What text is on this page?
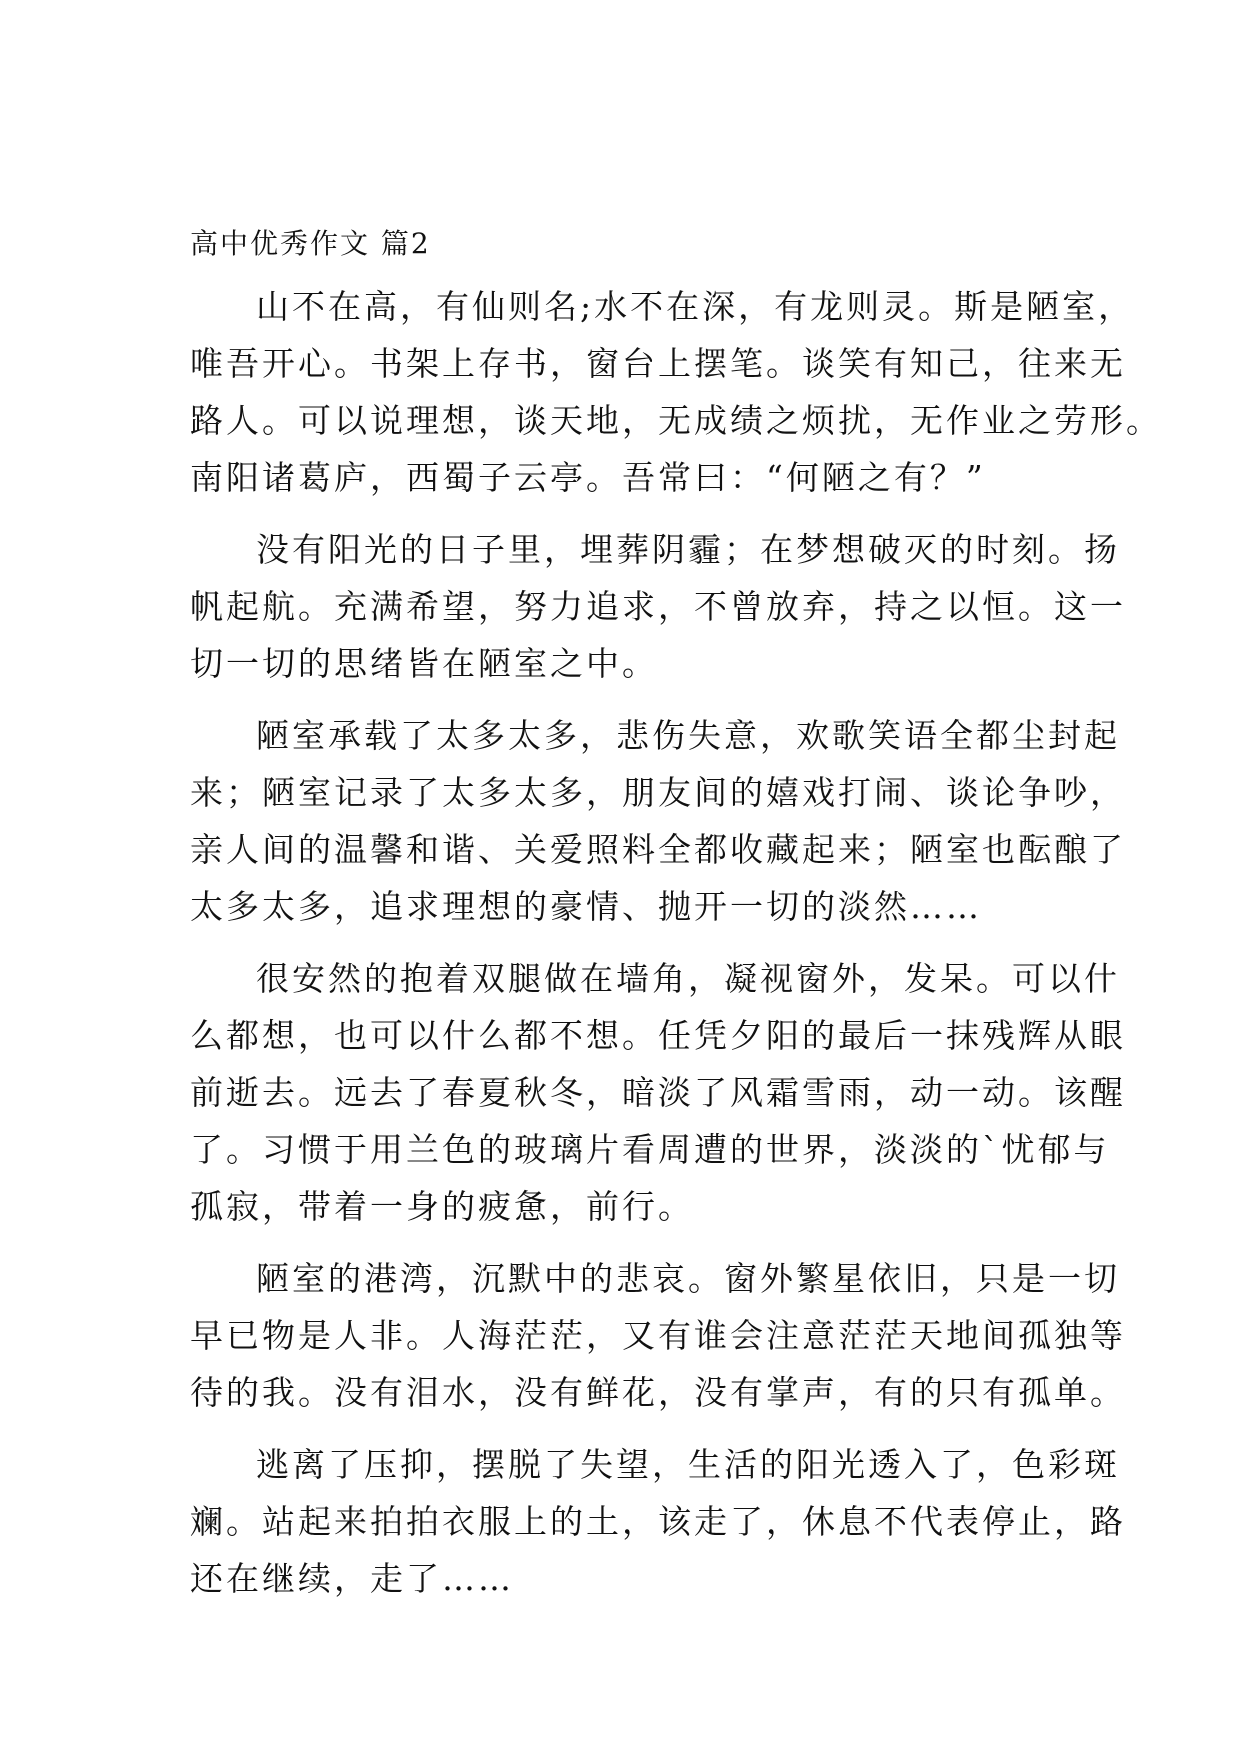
高中优秀作文 篇2
山不在高，有仙则名;水不在深，有龙则灵。斯是陋室，
唯吾开心。书架上存书，窗台上摆笔。谈笑有知己，往来无
路人。可以说理想，谈天地，无成绩之烦扰，无作业之劳形。
南阳诸葛庐，西蜀子云亭。吾常曰：“何陋之有？”
没有阳光的日子里，埋葬阴霾；在梦想破灭的时刻。扬
帆起航。充满希望，努力追求，不曾放弃，持之以恒。这一
切一切的思绪皆在陋室之中。
陋室承载了太多太多，悲伤失意，欢歌笑语全都尘封起
来；陋室记录了太多太多，朋友间的嬉戏打闹、谈论争吵，
亲人间的温馨和谐、关爱照料全都收藏起来；陋室也酝酿了
太多太多，追求理想的豪情、抛开一切的淡然……
很安然的抱着双腿做在墙角，凝视窗外，发呆。可以什
么都想，也可以什么都不想。任凭夕阳的最后一抹残辉从眼
前逝去。远去了春夏秋冬，暗淡了风霜雪雨，动一动。该醒
了。习惯于用兰色的玻璃片看周遭的世界，淡淡的`忧郁与
孤寂，带着一身的疲惫，前行。
陋室的港湾，沉默中的悲哀。窗外繁星依旧，只是一切
早已物是人非。人海茫茫，又有谁会注意茫茫天地间孤独等
待的我。没有泪水，没有鲜花，没有掌声，有的只有孤单。
逃离了压抑，摆脱了失望，生活的阳光透入了，色彩斑
斓。站起来拍拍衣服上的土，该走了，休息不代表停止，路
还在继续，走了……
